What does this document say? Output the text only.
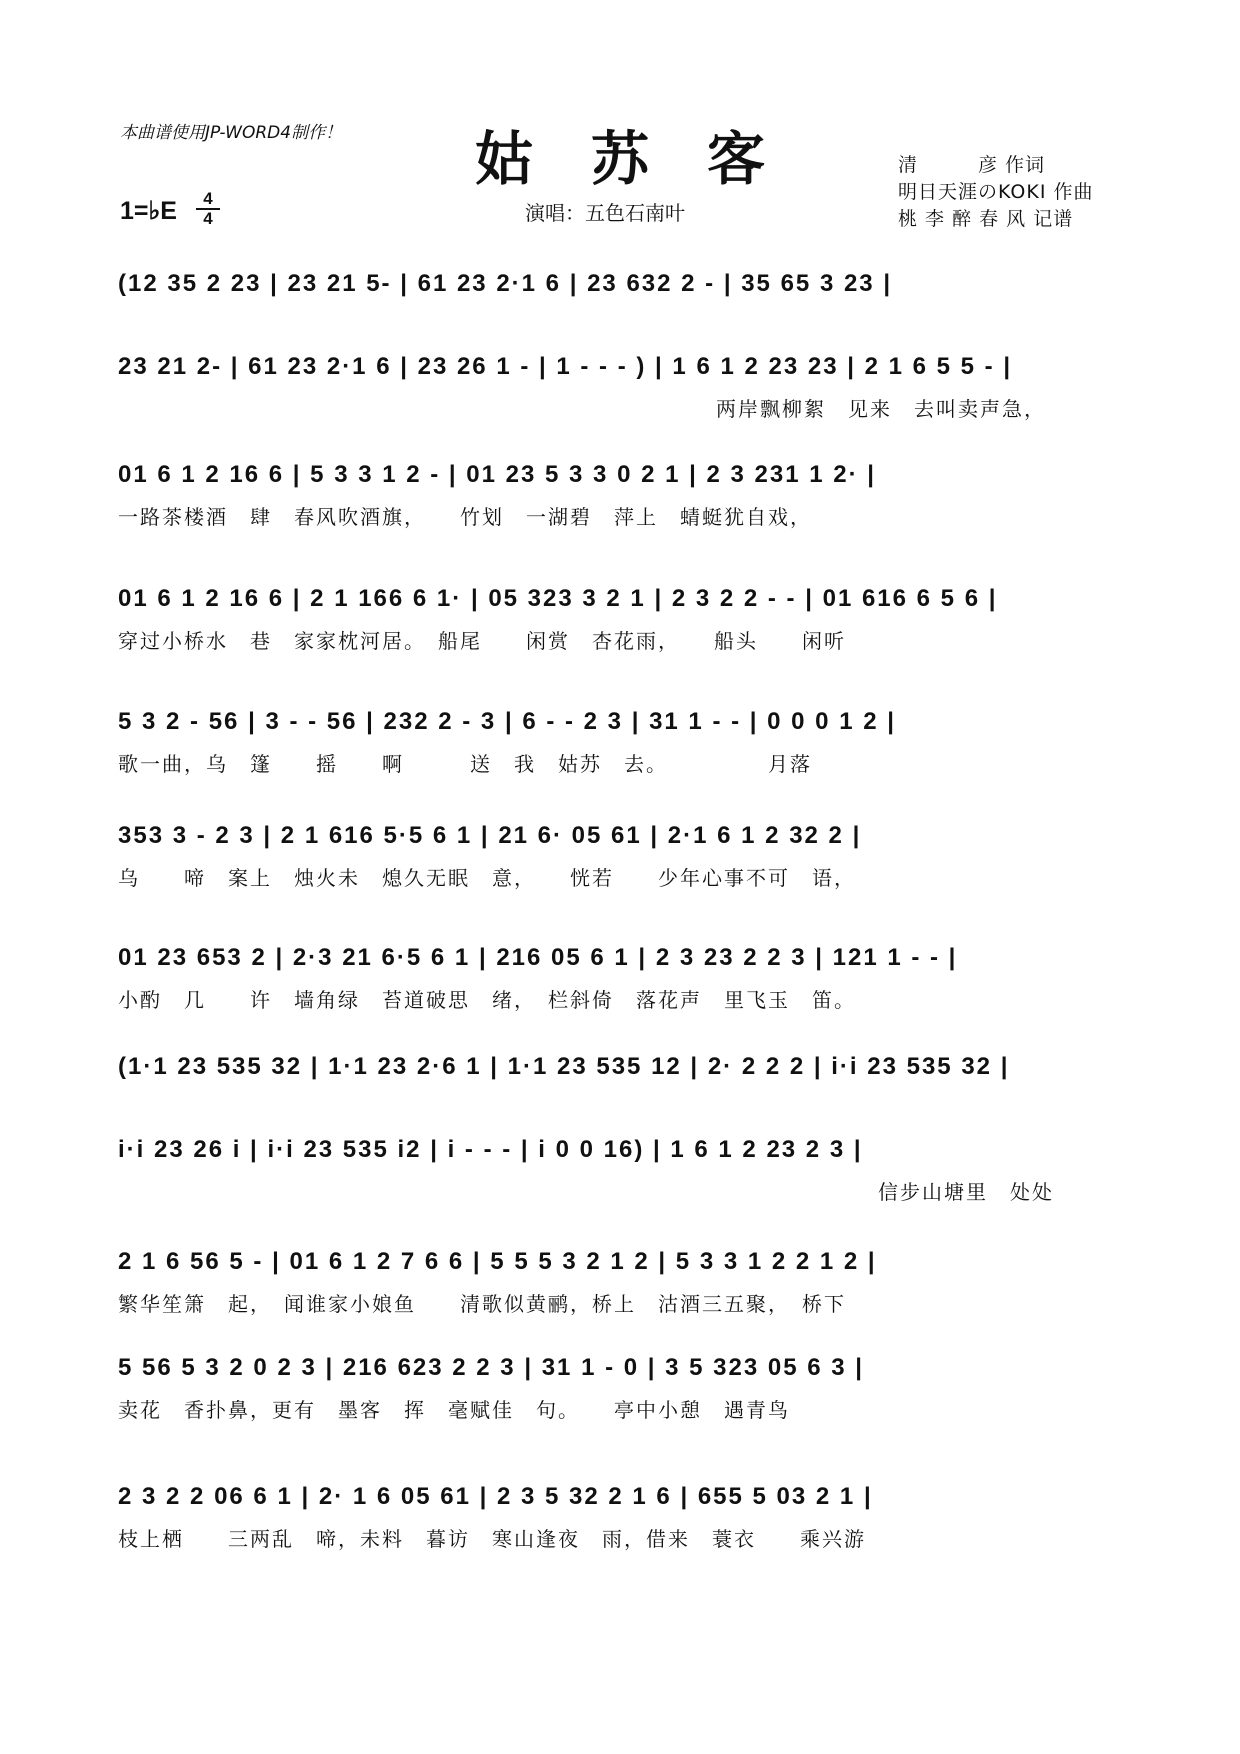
本曲谱使用JP-WORD4制作！	姑苏客	清　　　彦 作词
明日天涯のKOKI 作曲
桃 李 醉 春 风 记谱
1=♭E	4
4	演唱：五色石南叶
(12 35 2 23 | 23 21 5- | 61 23 2·1 6 | 23 632 2 - | 35 65 3 23 |
23 21 2- | 61 23 2·1 6 | 23 26 1 - | 1 - - - ) | 1 6 1 2 23 23 | 2 1 6 5 5 - |
两岸飘柳絮　见来　去叫卖声急，
01 6 1 2 16 6 | 5 3 3 1 2 - | 01 23 5 3 3 0 2 1 | 2 3 231 1 2· |
一路茶楼酒　肆　春风吹酒旗，　　竹划　一湖碧　萍上　蜻蜓犹自戏，
01 6 1 2 16 6 | 2 1 166 6 1· | 05 323 3 2 1 | 2 3 2 2 - - | 01 616 6 5 6 |
穿过小桥水　巷　家家枕河居。　船尾　　闲赏　杏花雨，　　船头　　闲听
5 3 2 - 56 | 3 - - 56 | 232 2 - 3 | 6 - - 2 3 | 31 1 - - | 0 0 0 1 2 |
歌一曲，乌　篷　　摇　　啊　　　送　我　姑苏　去。　　　　　月落
353 3 - 2 3 | 2 1 616 5·5 6 1 | 21 6· 05 61 | 2·1 6 1 2 32 2 |
乌　　啼　案上　烛火未　熄久无眠　意，　　恍若　　少年心事不可　语，
01 23 653 2 | 2·3 21 6·5 6 1 | 216 05 6 1 | 2 3 23 2 2 3 | 121 1 - - |
小酌　几　　许　墙角绿　苔道破思　绪，　栏斜倚　落花声　里飞玉　笛。
(1·1 23 535 32 | 1·1 23 2·6 1 | 1·1 23 535 12 | 2· 2 2 2 | i·i 23 535 32 |
i·i 23 26 i | i·i 23 535 i2 | i - - - | i 0 0 16) | 1 6 1 2 23 2 3 |
信步山塘里　处处
2 1 6 56 5 - | 01 6 1 2 7 6 6 | 5 5 5 3 2 1 2 | 5 3 3 1 2 2 1 2 |
繁华笙箫　起，　闻谁家小娘鱼　　清歌似黄鹂，桥上　沽酒三五聚，　桥下
5 56 5 3 2 0 2 3 | 216 623 2 2 3 | 31 1 - 0 | 3 5 323 05 6 3 |
卖花　香扑鼻，更有　墨客　挥　毫赋佳　句。　　亭中小憩　遇青鸟
2 3 2 2 06 6 1 | 2· 1 6 05 61 | 2 3 5 32 2 1 6 | 655 5 03 2 1 |
枝上栖　　三两乱　啼，未料　暮访　寒山逢夜　雨，借来　蓑衣　　乘兴游
